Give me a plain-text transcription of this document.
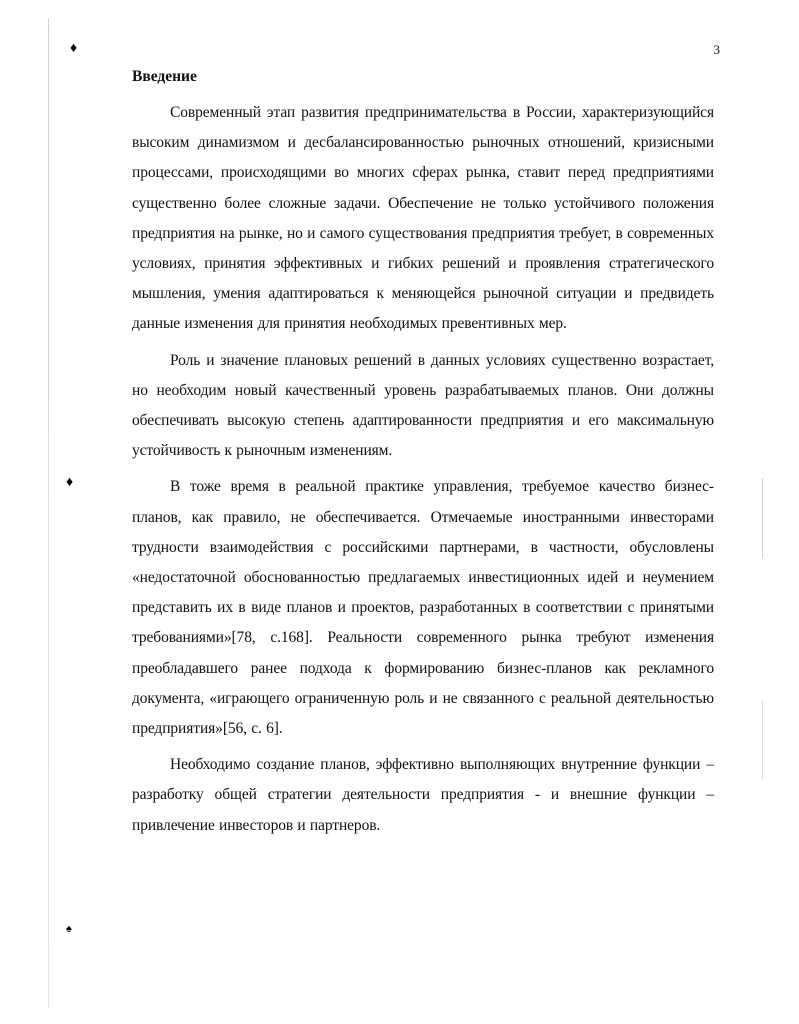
♦
♦
♠
3
Введение

Современный этап развития предпринимательства в России, характеризующийся высоким динамизмом и десбалансированностью рыночных отношений, кризисными процессами, происходящими во многих сферах рынка, ставит перед предприятиями существенно более сложные задачи. Обеспечение не только устойчивого положения предприятия на рынке, но и самого существования предприятия требует, в современных условиях, принятия эффективных и гибких решений и проявления стратегического мышления, умения адаптироваться к меняющейся рыночной ситуации и предвидеть данные изменения для принятия необходимых превентивных мер.

Роль и значение плановых решений в данных условиях существенно возрастает, но необходим новый качественный уровень разрабатываемых планов. Они должны обеспечивать высокую степень адаптированности предприятия и его максимальную устойчивость к рыночным изменениям.

В тоже время в реальной практике управления, требуемое качество бизнес-планов, как правило, не обеспечивается. Отмечаемые иностранными инвесторами трудности взаимодействия с российскими партнерами, в частности, обусловлены «недостаточной обоснованностью предлагаемых инвестиционных идей и неумением представить их в виде планов и проектов, разработанных в соответствии с принятыми требованиями»[78, с.168]. Реальности современного рынка требуют изменения преобладавшего ранее подхода к формированию бизнес-планов как рекламного документа, «играющего ограниченную роль и не связанного с реальной деятельностью предприятия»[56, с. 6].

Необходимо создание планов, эффективно выполняющих внутренние функции – разработку общей стратегии деятельности предприятия - и внешние функции – привлечение инвесторов и партнеров.
